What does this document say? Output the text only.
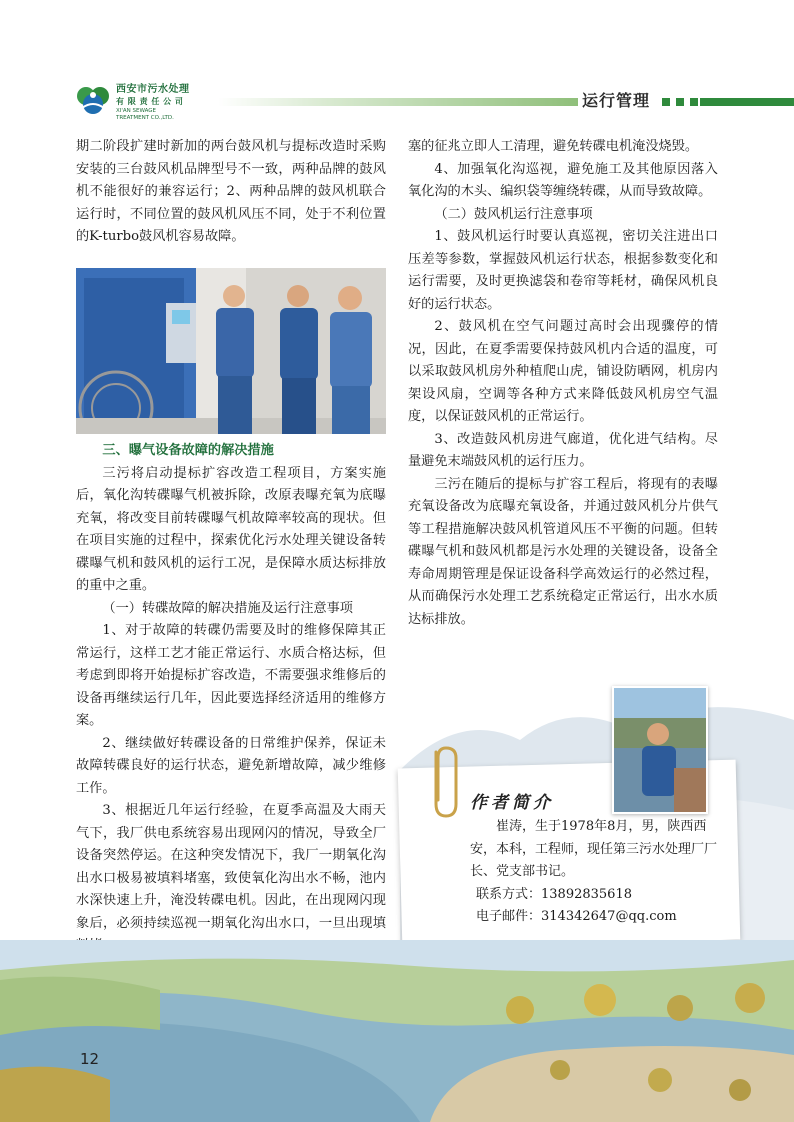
西安市污水处理
有 限 责 任 公 司
XI'AN SEWAGE
TREATMENT CO.,LTD.
运行管理

期二阶段扩建时新加的两台鼓风机与提标改造时采购安装的三台鼓风机品牌型号不一致，两种品牌的鼓风机不能很好的兼容运行；2、两种品牌的鼓风机联合运行时，不同位置的鼓风机风压不同，处于不利位置的K-turbo鼓风机容易故障。

三、曝气设备故障的解决措施

三污将启动提标扩容改造工程项目，方案实施后，氧化沟转碟曝气机被拆除，改原表曝充氧为底曝充氧，将改变目前转碟曝气机故障率较高的现状。但在项目实施的过程中，探索优化污水处理关键设备转碟曝气机和鼓风机的运行工况，是保障水质达标排放的重中之重。

（一）转碟故障的解决措施及运行注意事项

1、对于故障的转碟仍需要及时的维修保障其正常运行，这样工艺才能正常运行、水质合格达标，但考虑到即将开始提标扩容改造，不需要强求维修后的设备再继续运行几年，因此要选择经济适用的维修方案。

2、继续做好转碟设备的日常维护保养，保证未故障转碟良好的运行状态，避免新增故障，减少维修工作。

3、根据近几年运行经验，在夏季高温及大雨天气下，我厂供电系统容易出现网闪的情况，导致全厂设备突然停运。在这种突发情况下，我厂一期氧化沟出水口极易被填料堵塞，致使氧化沟出水不畅，池内水深快速上升，淹没转碟电机。因此，在出现网闪现象后，必须持续巡视一期氧化沟出水口，一旦出现填

塞的征兆立即人工清理，避免转碟电机淹没烧毁。

4、加强氧化沟巡视，避免施工及其他原因落入氧化沟的木头、编织袋等缠绕转碟，从而导致故障。

（二）鼓风机运行注意事项

1、鼓风机运行时要认真巡视，密切关注进出口压差等参数，掌握鼓风机运行状态，根据参数变化和运行需要，及时更换滤袋和卷帘等耗材，确保风机良好的运行状态。

2、鼓风机在空气问题过高时会出现骤停的情况，因此，在夏季需要保持鼓风机内合适的温度，可以采取鼓风机房外种植爬山虎，铺设防晒网，机房内架设风扇，空调等各种方式来降低鼓风机房空气温度，以保证鼓风机的正常运行。

3、改造鼓风机房进气廊道，优化进气结构。尽量避免末端鼓风机的运行压力。

三污在随后的提标与扩容工程后，将现有的表曝充氧设备改为底曝充氧设备，并通过鼓风机分片供气等工程措施解决鼓风机管道风压不平衡的问题。但转碟曝气机和鼓风机都是污水处理的关键设备，设备全寿命周期管理是保证设备科学高效运行的必然过程，从而确保污水处理工艺系统稳定正常运行，出水水质达标排放。

作者简介

崔涛，生于1978年8月，男，陕西西安，本科，工程师，现任第三污水处理厂厂长、党支部书记。

联系方式：13892835618

电子邮件：314342647@qq.com

12
